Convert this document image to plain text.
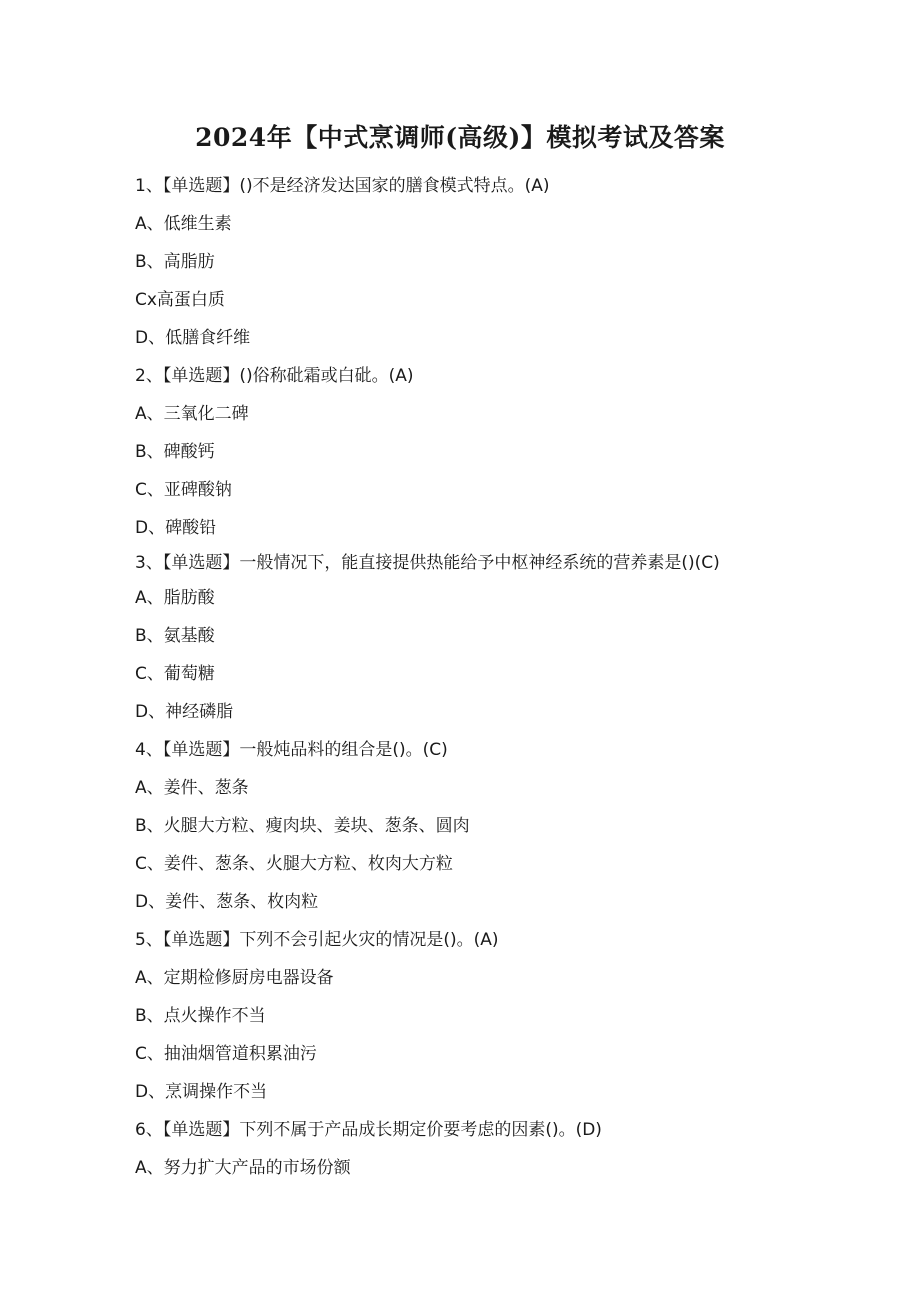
2024年【中式烹调师(高级)】模拟考试及答案
1、【单选题】()不是经济发达国家的膳食模式特点。(A)
A、低维生素
B、高脂肪
Cx高蛋白质
D、低膳食纤维
2、【单选题】()俗称砒霜或白砒。(A)
A、三氧化二碑
B、碑酸钙
C、亚碑酸钠
D、碑酸铅
3、【单选题】一般情况下，能直接提供热能给予中枢神经系统的营养素是()(C)
A、脂肪酸
B、氨基酸
C、葡萄糖
D、神经磷脂
4、【单选题】一般炖品料的组合是()。(C)
A、姜件、葱条
B、火腿大方粒、瘦肉块、姜块、葱条、圆肉
C、姜件、葱条、火腿大方粒、枚肉大方粒
D、姜件、葱条、枚肉粒
5、【单选题】下列不会引起火灾的情况是()。(A)
A、定期检修厨房电器设备
B、点火操作不当
C、抽油烟管道积累油污
D、烹调操作不当
6、【单选题】下列不属于产品成长期定价要考虑的因素()。(D)
A、努力扩大产品的市场份额
